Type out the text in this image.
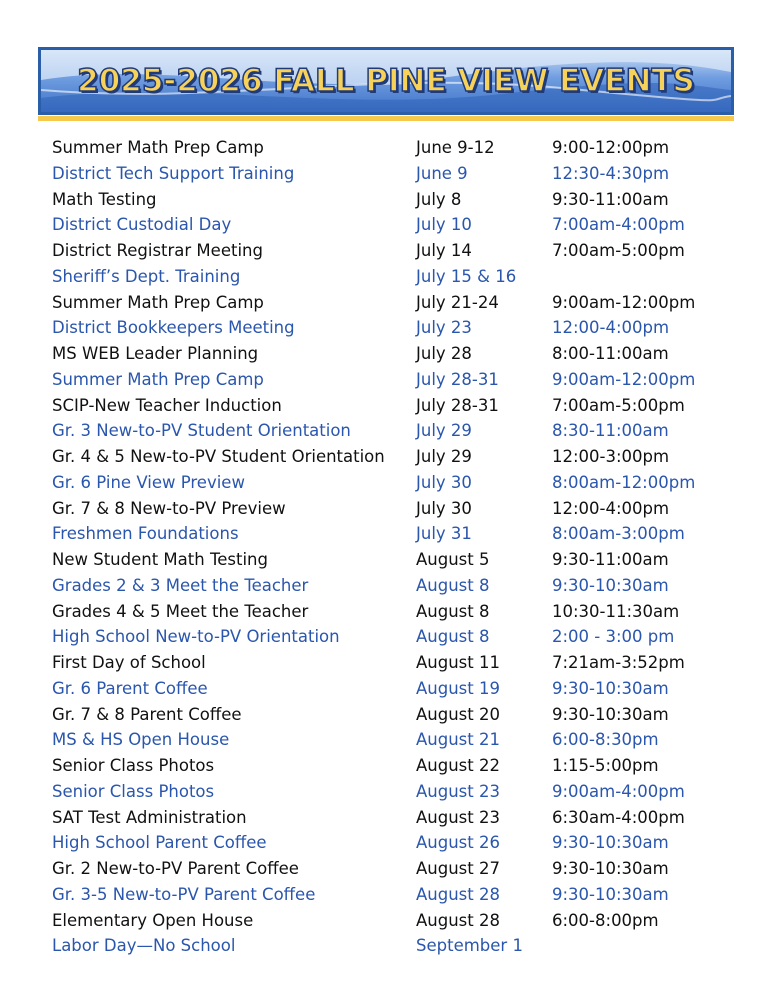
2025-2026 FALL PINE VIEW EVENTS
Summer Math Prep Camp	June 9-12	9:00-12:00pm
District Tech Support Training	June 9	12:30-4:30pm
Math Testing	July 8	9:30-11:00am
District Custodial Day	July 10	7:00am-4:00pm
District Registrar Meeting	July 14	7:00am-5:00pm
Sheriff’s Dept. Training	July 15 & 16
Summer Math Prep Camp	July 21-24	9:00am-12:00pm
District Bookkeepers Meeting	July 23	12:00-4:00pm
MS WEB Leader Planning	July 28	8:00-11:00am
Summer Math Prep Camp	July 28-31	9:00am-12:00pm
SCIP-New Teacher Induction	July 28-31	7:00am-5:00pm
Gr. 3 New-to-PV Student Orientation	July 29	8:30-11:00am
Gr. 4 & 5 New-to-PV Student Orientation July 29	12:00-3:00pm
Gr. 6 Pine View Preview	July 30	8:00am-12:00pm
Gr. 7 & 8 New-to-PV Preview	July 30	12:00-4:00pm
Freshmen Foundations	July 31	8:00am-3:00pm
New Student Math Testing	August 5	9:30-11:00am
Grades 2 & 3 Meet the Teacher	August 8	9:30-10:30am
Grades 4 & 5 Meet the Teacher	August 8	10:30-11:30am
High School New-to-PV Orientation	August 8	2:00 - 3:00 pm
First Day of School	August 11	7:21am-3:52pm
Gr. 6 Parent Coffee	August 19	9:30-10:30am
Gr. 7 & 8 Parent Coffee	August 20	9:30-10:30am
MS & HS Open House	August 21	6:00-8:30pm
Senior Class Photos	August 22	1:15-5:00pm
Senior Class Photos	August 23	9:00am-4:00pm
SAT Test Administration	August 23	6:30am-4:00pm
High School Parent Coffee	August 26	9:30-10:30am
Gr. 2 New-to-PV Parent Coffee	August 27	9:30-10:30am
Gr. 3-5 New-to-PV Parent Coffee	August 28	9:30-10:30am
Elementary Open House	August 28	6:00-8:00pm
Labor Day—No School	September 1
